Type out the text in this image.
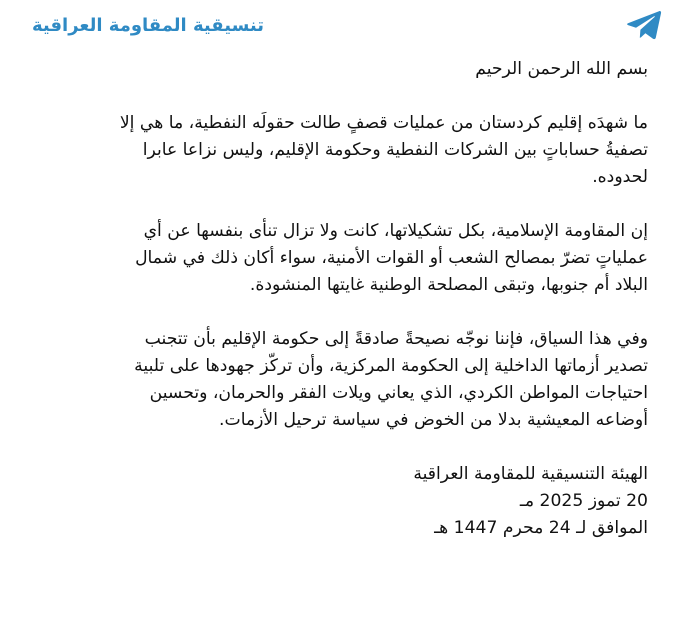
تنسيقية المقاومة العراقية

بسم الله الرحمن الرحيم

ما شهدَه إقليم كردستان من عمليات قصفٍ طالت حقولَه النفطية، ما هي إلا
تصفيةُ حساباتٍ بين الشركات النفطية وحكومة الإقليم، وليس نزاعا عابرا
لحدوده.

إن المقاومة الإسلامية، بكل تشكيلاتها، كانت ولا تزال تنأى بنفسها عن أي
عملياتٍ تضرّ بمصالح الشعب أو القوات الأمنية، سواء أكان ذلك في شمال
البلاد أم جنوبها، وتبقى المصلحة الوطنية غايتها المنشودة.

وفي هذا السياق، فإننا نوجّه نصيحةً صادقةً إلى حكومة الإقليم بأن تتجنب
تصدير أزماتها الداخلية إلى الحكومة المركزية، وأن تركّز جهودها على تلبية
احتياجات المواطن الكردي، الذي يعاني ويلات الفقر والحرمان، وتحسين
أوضاعه المعيشية بدلا من الخوض في سياسة ترحيل الأزمات.

الهيئة التنسيقية للمقاومة العراقية
20 تموز 2025 مـ
الموافق لـ 24 محرم 1447 هـ
